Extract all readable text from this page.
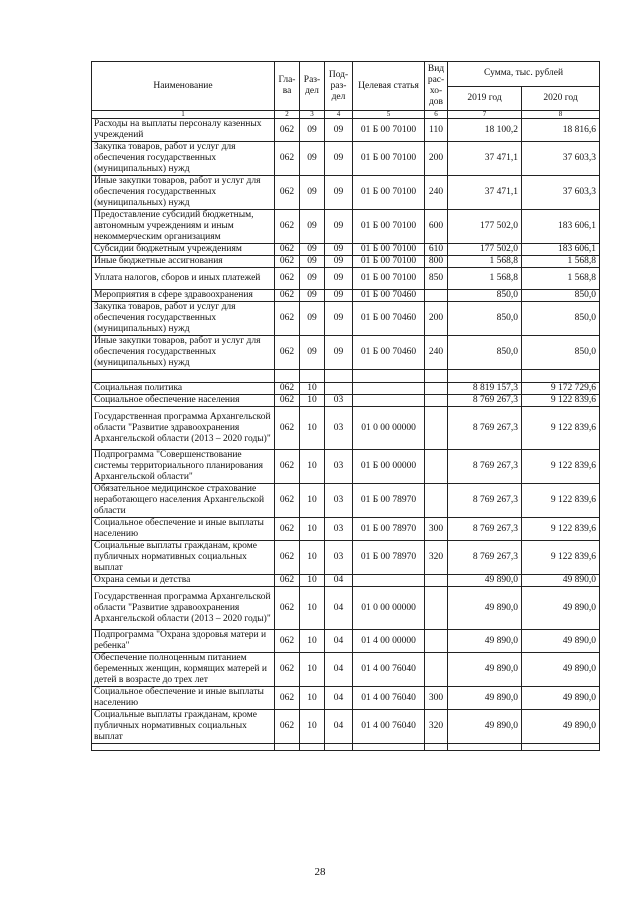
Наименование	Гла-ва	Раз-дел	Под-раз-дел	Целевая статья	Вид рас-хо-дов	Сумма, тыс. рублей	
						2019 год	2020 год
1	2	3	4	5	6	7	8
Расходы на выплаты персоналу казенных учреждений	062	09	09	01 Б 00 70100	110	18 100,2	18 816,6
Закупка товаров, работ и услуг для обеспечения государственных (муниципальных) нужд	062	09	09	01 Б 00 70100	200	37 471,1	37 603,3
Иные закупки товаров, работ и услуг для обеспечения государственных (муниципальных) нужд	062	09	09	01 Б 00 70100	240	37 471,1	37 603,3
Предоставление субсидий бюджетным, автономным учреждениям и иным некоммерческим организациям	062	09	09	01 Б 00 70100	600	177 502,0	183 606,1
Субсидии бюджетным учреждениям	062	09	09	01 Б 00 70100	610	177 502,0	183 606,1
Иные бюджетные ассигнования	062	09	09	01 Б 00 70100	800	1 568,8	1 568,8
Уплата налогов, сборов и иных платежей	062	09	09	01 Б 00 70100	850	1 568,8	1 568,8
Мероприятия в сфере здравоохранения	062	09	09	01 Б 00 70460		850,0	850,0
Закупка товаров, работ и услуг для обеспечения государственных (муниципальных) нужд	062	09	09	01 Б 00 70460	200	850,0	850,0
Иные закупки товаров, работ и услуг для обеспечения государственных (муниципальных) нужд	062	09	09	01 Б 00 70460	240	850,0	850,0

Социальная политика	062	10				8 819 157,3	9 172 729,6
Социальное обеспечение населения	062	10	03			8 769 267,3	9 122 839,6
Государственная программа Архангельской области "Развитие здравоохранения Архангельской области (2013 – 2020 годы)"	062	10	03	01 0 00 00000		8 769 267,3	9 122 839,6
Подпрограмма "Совершенствование системы территориального планирования Архангельской области"	062	10	03	01 Б 00 00000		8 769 267,3	9 122 839,6
Обязательное медицинское страхование неработающего населения Архангельской области	062	10	03	01 Б 00 78970		8 769 267,3	9 122 839,6
Социальное обеспечение и иные выплаты населению	062	10	03	01 Б 00 78970	300	8 769 267,3	9 122 839,6
Социальные выплаты гражданам, кроме публичных нормативных социальных выплат	062	10	03	01 Б 00 78970	320	8 769 267,3	9 122 839,6
Охрана семьи и детства	062	10	04			49 890,0	49 890,0
Государственная программа Архангельской области "Развитие здравоохранения Архангельской области (2013 – 2020 годы)"	062	10	04	01 0 00 00000		49 890,0	49 890,0
Подпрограмма "Охрана здоровья матери и ребенка"	062	10	04	01 4 00 00000		49 890,0	49 890,0
Обеспечение полноценным питанием беременных женщин, кормящих матерей и детей в возрасте до трех лет	062	10	04	01 4 00 76040		49 890,0	49 890,0
Социальное обеспечение и иные выплаты населению	062	10	04	01 4 00 76040	300	49 890,0	49 890,0
Социальные выплаты гражданам, кроме публичных нормативных социальных выплат	062	10	04	01 4 00 76040	320	49 890,0	49 890,0

28
